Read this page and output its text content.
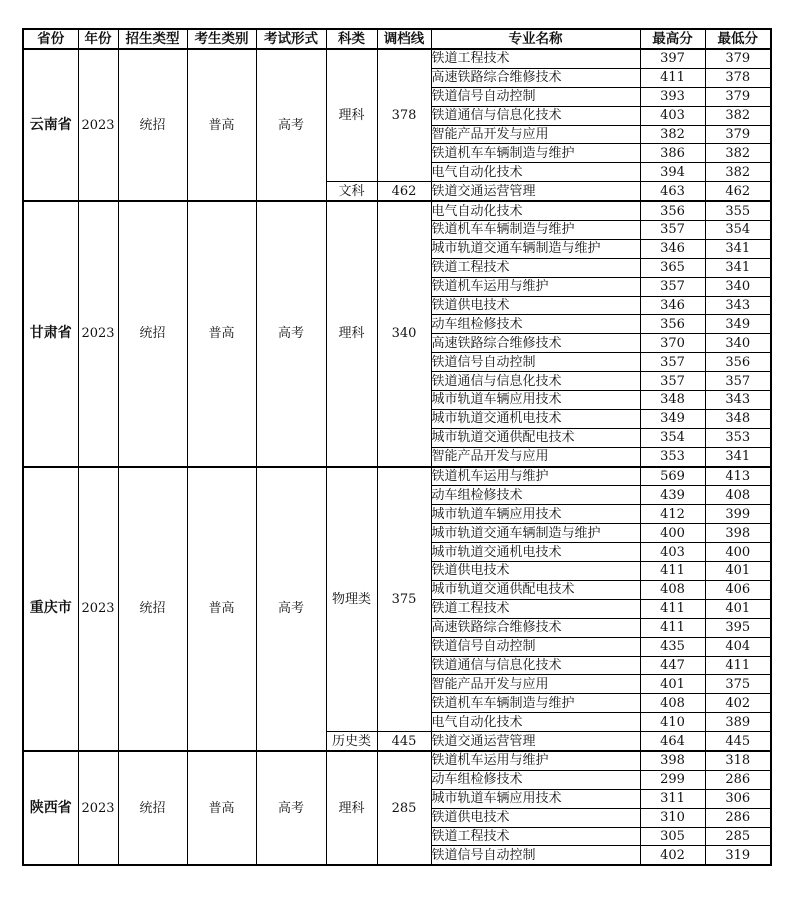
省份	年份	招生类型	考生类别	考试形式	科类	调档线	专业名称	最高分	最低分
云南省	2023	统招	普高	高考	理科	378	铁道工程技术	397	379
							高速铁路综合维修技术	411	378
							铁道信号自动控制	393	379
							铁道通信与信息化技术	403	382
							智能产品开发与应用	382	379
							铁道机车车辆制造与维护	386	382
							电气自动化技术	394	382
					文科	462	铁道交通运营管理	463	462
甘肃省	2023	统招	普高	高考	理科	340	电气自动化技术	356	355
							铁道机车车辆制造与维护	357	354
							城市轨道交通车辆制造与维护	346	341
							铁道工程技术	365	341
							铁道机车运用与维护	357	340
							铁道供电技术	346	343
							动车组检修技术	356	349
							高速铁路综合维修技术	370	340
							铁道信号自动控制	357	356
							铁道通信与信息化技术	357	357
							城市轨道车辆应用技术	348	343
							城市轨道交通机电技术	349	348
							城市轨道交通供配电技术	354	353
							智能产品开发与应用	353	341
重庆市	2023	统招	普高	高考	物理类	375	铁道机车运用与维护	569	413
							动车组检修技术	439	408
							城市轨道车辆应用技术	412	399
							城市轨道交通车辆制造与维护	400	398
							城市轨道交通机电技术	403	400
							铁道供电技术	411	401
							城市轨道交通供配电技术	408	406
							铁道工程技术	411	401
							高速铁路综合维修技术	411	395
							铁道信号自动控制	435	404
							铁道通信与信息化技术	447	411
							智能产品开发与应用	401	375
							铁道机车车辆制造与维护	408	402
							电气自动化技术	410	389
					历史类	445	铁道交通运营管理	464	445
陕西省	2023	统招	普高	高考	理科	285	铁道机车运用与维护	398	318
							动车组检修技术	299	286
							城市轨道车辆应用技术	311	306
							铁道供电技术	310	286
							铁道工程技术	305	285
							铁道信号自动控制	402	319
